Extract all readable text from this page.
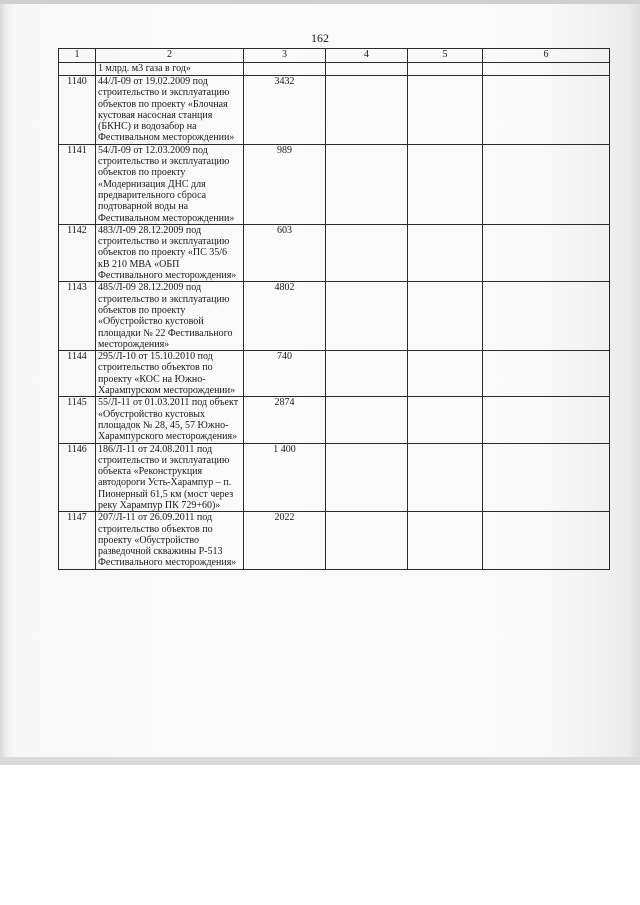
162
1	2	3	4	5	6
	1 млрд. м3 газа в год»				
1140	44/Л-09 от 19.02.2009 под строительство и эксплуатацию объектов по проекту «Блочная кустовая насосная станция (БКНС) и водозабор на Фестивальном месторождении»	3432			
1141	54/Л-09 от 12.03.2009 под строительство и эксплуатацию объектов по проекту «Модернизация ДНС для предварительного сброса подтоварной воды на Фестивальном месторождении»	989			
1142	483/Л-09 28.12.2009 под строительство и эксплуатацию объектов по проекту «ПС 35/6 кВ 210 МВА «ОБП Фестивального месторождения»	603			
1143	485/Л-09 28.12.2009 под строительство и эксплуатацию объектов по проекту «Обустройство кустовой площадки № 22 Фестивального месторождения»	4802			
1144	295/Л-10 от 15.10.2010 под строительство объектов по проекту «КОС на Южно-Харампурском месторождении»	740			
1145	55/Л-11 от 01.03.2011 под объект «Обустройство кустовых площадок № 28, 45, 57 Южно-Харампурского месторождения»	2874			
1146	186/Л-11 от 24.08.2011 под строительство и эксплуатацию объекта «Реконструкция автодороги Усть-Харампур – п. Пионерный 61,5 км (мост через реку Харампур ПК 729+60)»	1 400			
1147	207/Л-11 от 26.09.2011 под строительство объектов по проекту «Обустройство разведочной скважины Р-513 Фестивального месторождения»	2022			
